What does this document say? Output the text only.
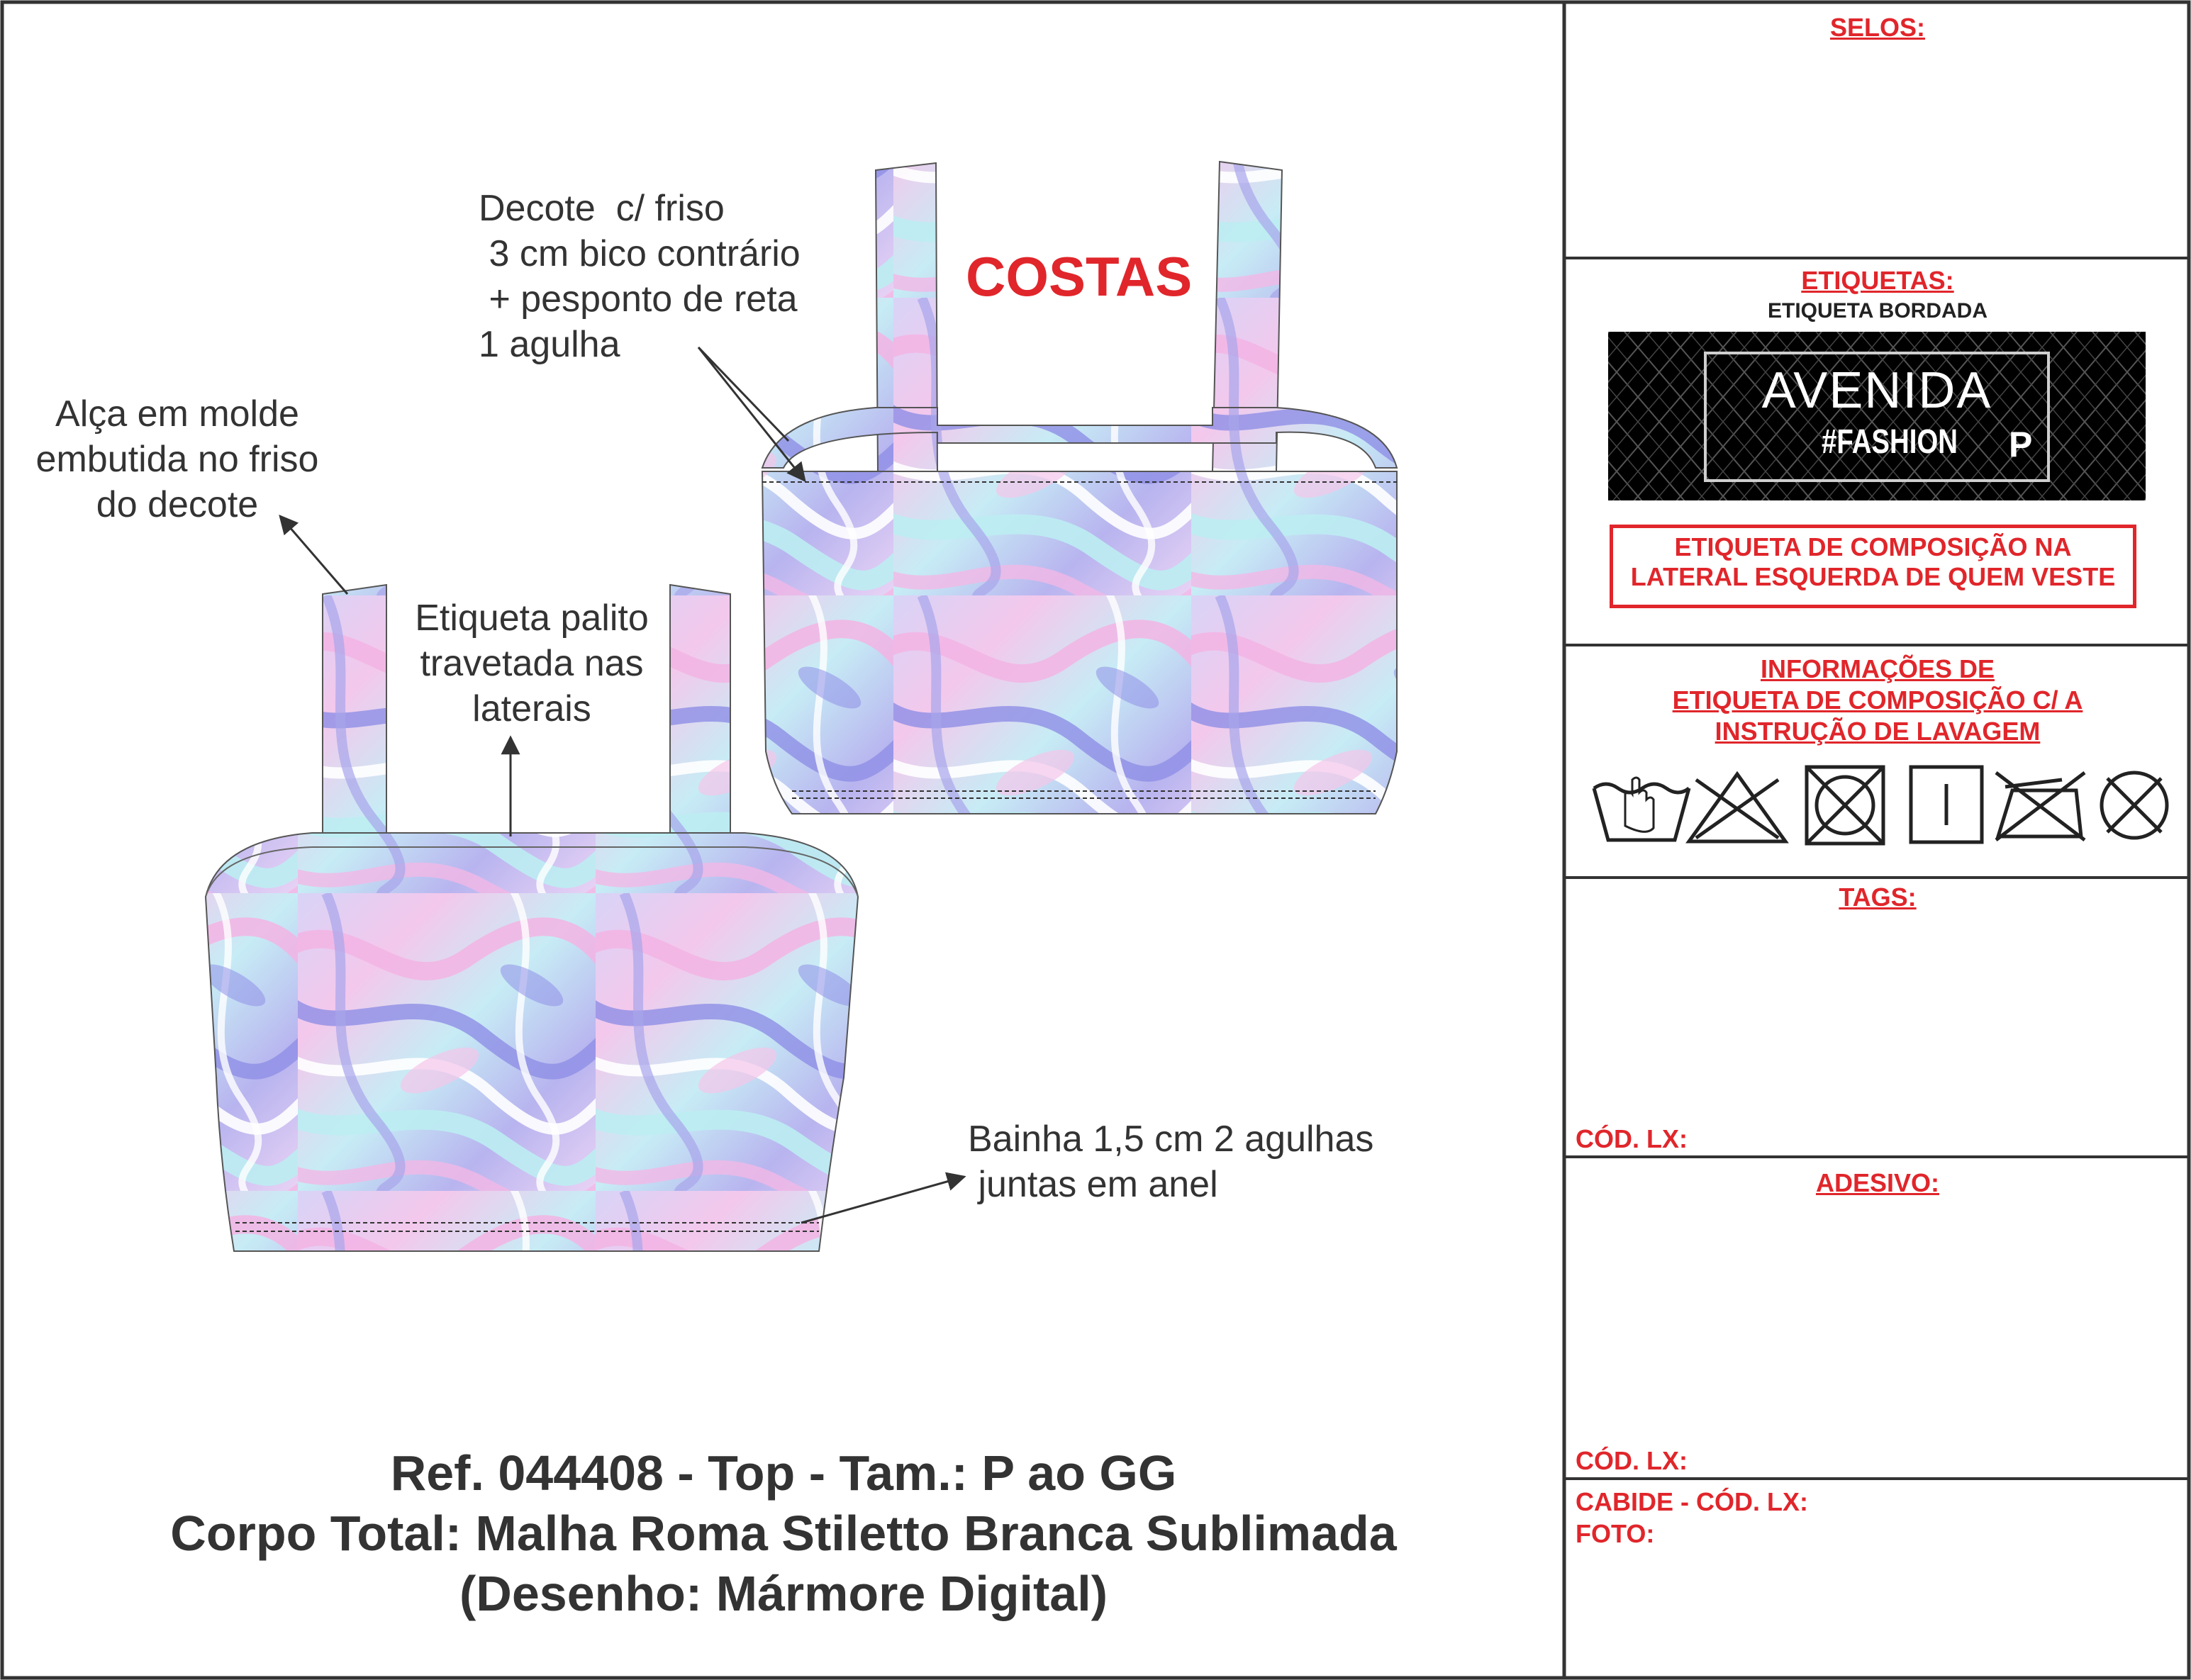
Decote  c/ friso
3 cm bico contrário
+ pesponto de reta
1 agulha
COSTAS
Alça em molde
embutida no friso
do decote
Etiqueta palito
travetada nas
laterais
Bainha 1,5 cm 2 agulhas
juntas em anel
Ref. 044408 - Top - Tam.: P ao GG
Corpo Total: Malha Roma Stiletto Branca Sublimada
(Desenho: Mármore Digital)
SELOS:
ETIQUETAS:
ETIQUETA BORDADA
AVENIDA
#FASHION P
ETIQUETA DE COMPOSIÇÃO NA
LATERAL ESQUERDA DE QUEM VESTE
INFORMAÇÕES DE
ETIQUETA DE COMPOSIÇÃO C/ A
INSTRUÇÃO DE LAVAGEM
TAGS:
CÓD. LX:
ADESIVO:
CÓD. LX:
CABIDE - CÓD. LX:
FOTO:
